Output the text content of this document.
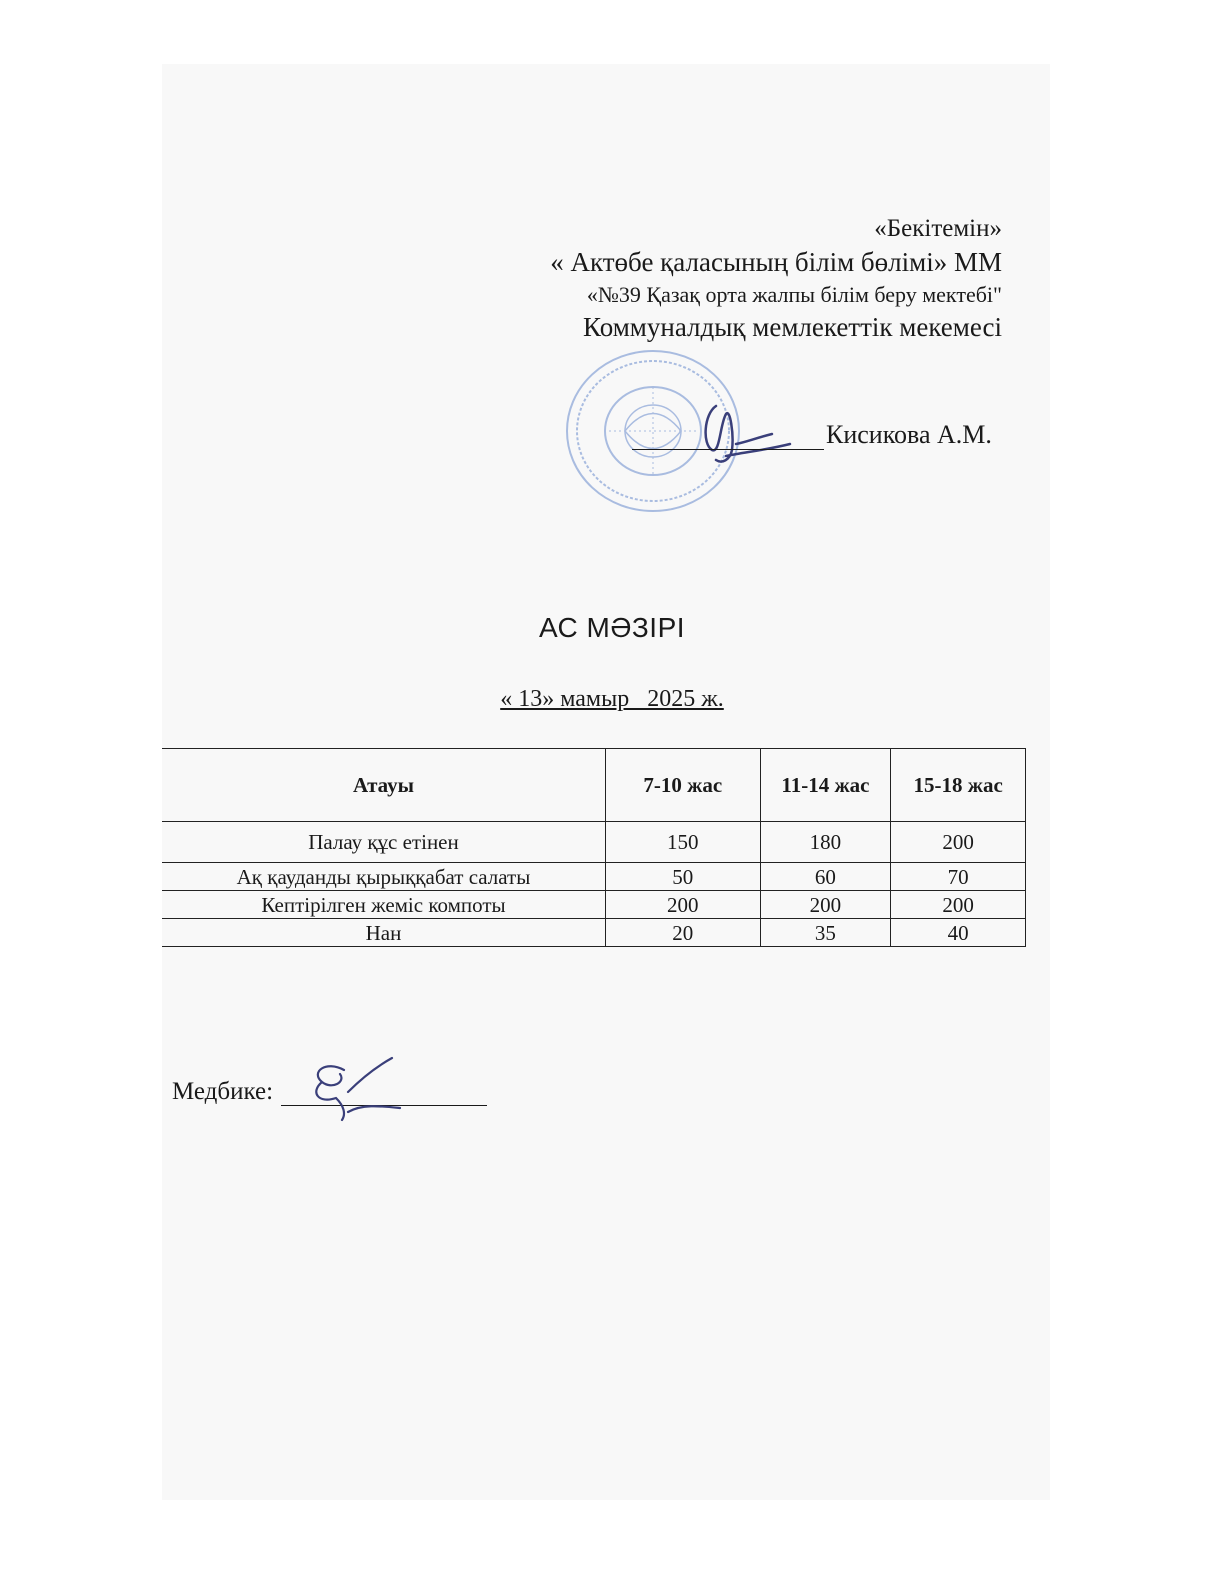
«Бекітемін»
« Актөбе қаласының білім бөлімі» ММ
«№39 Қазақ орта жалпы білім беру мектебі"
Коммуналдық мемлекеттік мекемесі
Кисикова А.М.
АС МӘЗІРІ
« 13» мамыр   2025 ж.
Атауы	7-10 жас	11-14 жас	15-18 жас
Палау құс етінен	150	180	200
Ақ қауданды қырыққабат салаты	50	60	70
Кептірілген жеміс компоты	200	200	200
Нан	20	35	40
Медбике:
